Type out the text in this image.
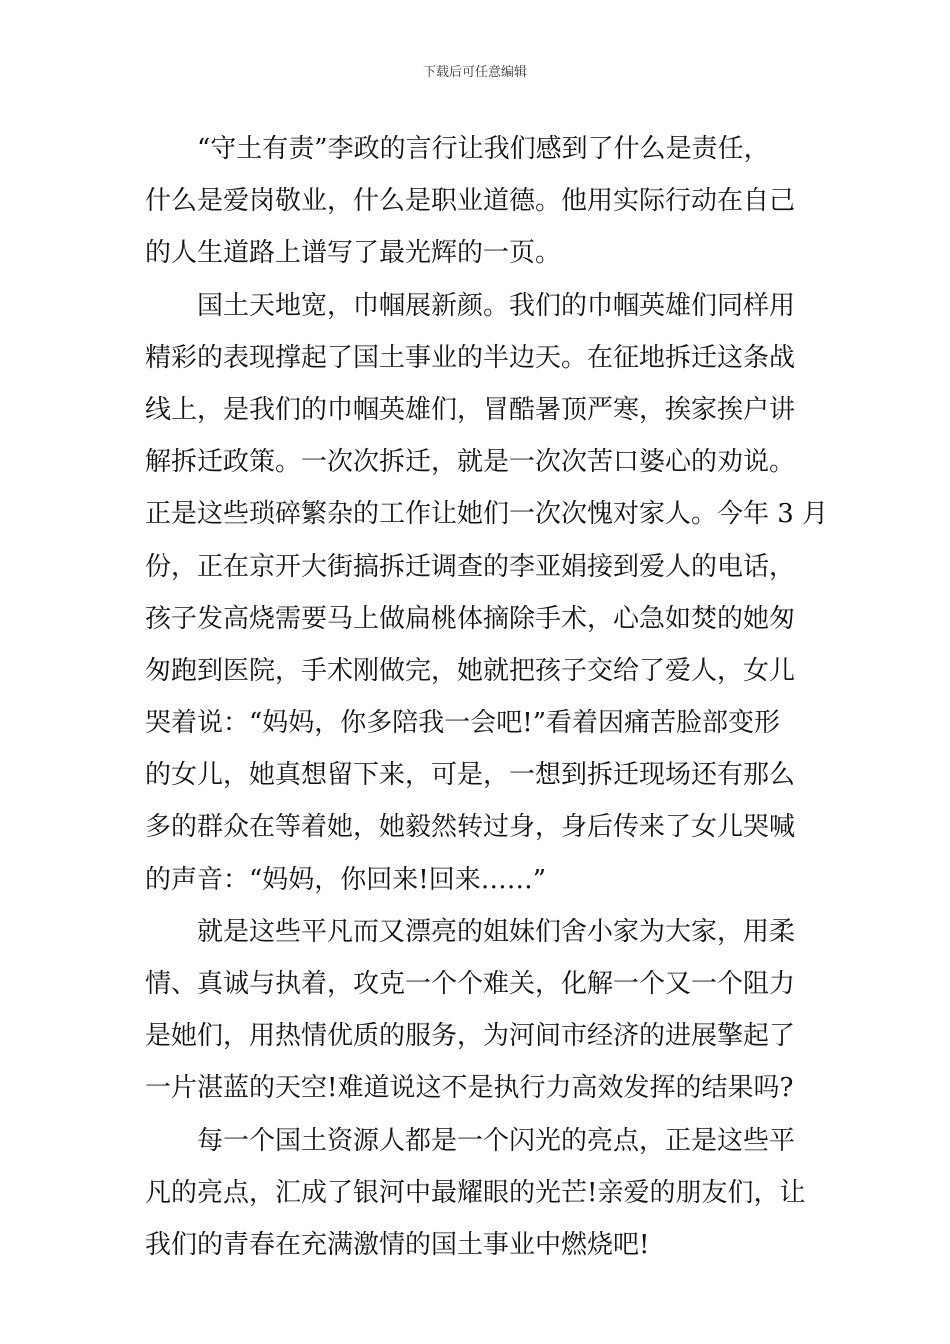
下载后可任意编辑
“守土有责”李政的言行让我们感到了什么是责任，
什么是爱岗敬业，什么是职业道德。他用实际行动在自己
的人生道路上谱写了最光辉的一页。
国土天地宽，巾帼展新颜。我们的巾帼英雄们同样用
精彩的表现撑起了国土事业的半边天。在征地拆迁这条战
线上，是我们的巾帼英雄们，冒酷暑顶严寒，挨家挨户讲
解拆迁政策。一次次拆迁，就是一次次苦口婆心的劝说。
正是这些琐碎繁杂的工作让她们一次次愧对家人。今年 3 月
份，正在京开大街搞拆迁调查的李亚娟接到爱人的电话，
孩子发高烧需要马上做扁桃体摘除手术，心急如焚的她匆
匆跑到医院，手术刚做完，她就把孩子交给了爱人，女儿
哭着说：“妈妈，你多陪我一会吧!”看着因痛苦脸部变形
的女儿，她真想留下来，可是，一想到拆迁现场还有那么
多的群众在等着她，她毅然转过身，身后传来了女儿哭喊
的声音：“妈妈，你回来!回来……”
就是这些平凡而又漂亮的姐妹们舍小家为大家，用柔
情、真诚与执着，攻克一个个难关，化解一个又一个阻力
是她们，用热情优质的服务，为河间市经济的进展擎起了
一片湛蓝的天空!难道说这不是执行力高效发挥的结果吗?
每一个国土资源人都是一个闪光的亮点，正是这些平
凡的亮点，汇成了银河中最耀眼的光芒!亲爱的朋友们，让
我们的青春在充满激情的国土事业中燃烧吧!
